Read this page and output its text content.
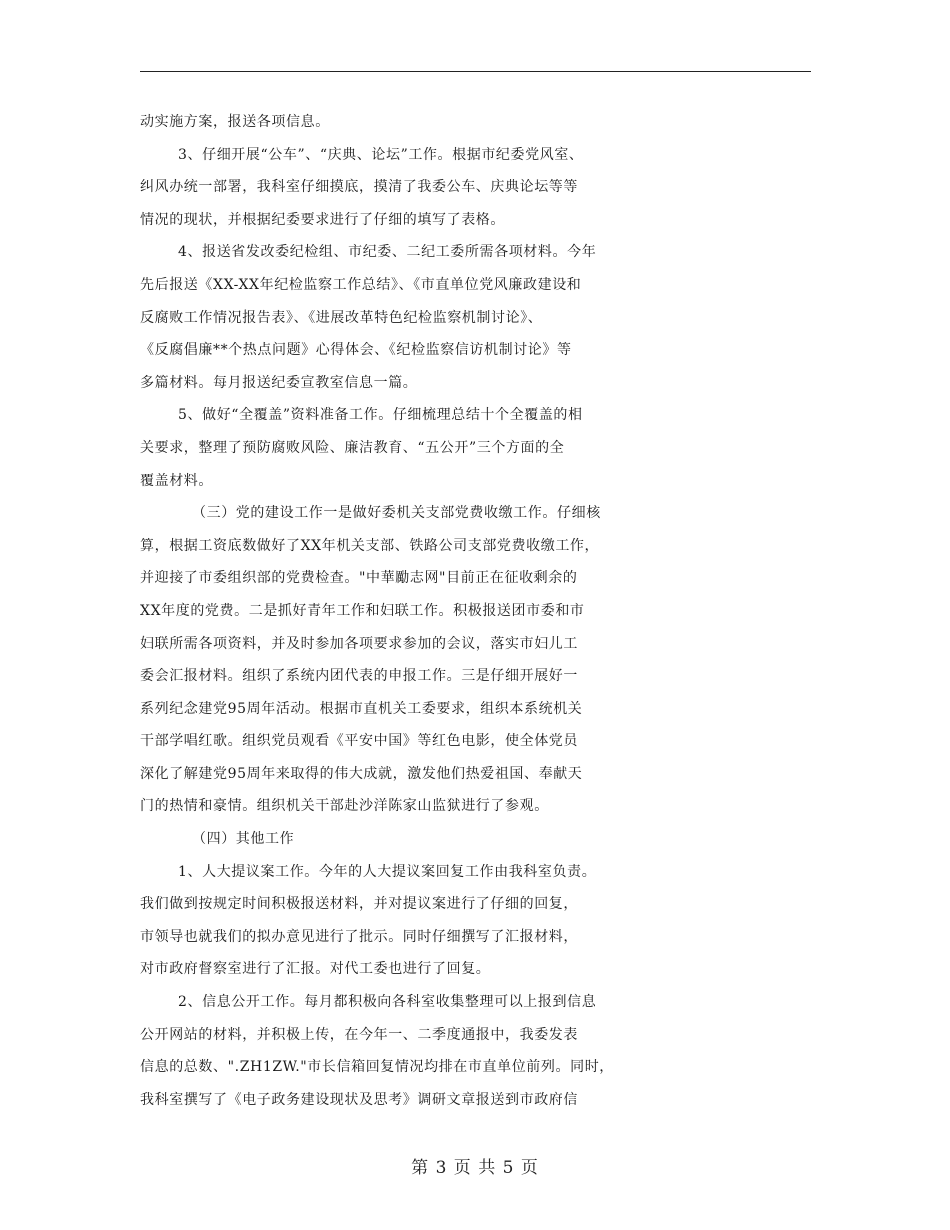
动实施方案，报送各项信息。
3、仔细开展“公车”、“庆典、论坛”工作。根据市纪委党风室、
纠风办统一部署，我科室仔细摸底，摸清了我委公车、庆典论坛等等
情况的现状，并根据纪委要求进行了仔细的填写了表格。
4、报送省发改委纪检组、市纪委、二纪工委所需各项材料。今年
先后报送《XX-XX年纪检监察工作总结》、《市直单位党风廉政建设和
反腐败工作情况报告表》、《进展改革特色纪检监察机制讨论》、
《反腐倡廉**个热点问题》心得体会、《纪检监察信访机制讨论》等
多篇材料。每月报送纪委宣教室信息一篇。
5、做好“全覆盖”资料准备工作。仔细梳理总结十个全覆盖的相
关要求，整理了预防腐败风险、廉洁教育、“五公开”三个方面的全
覆盖材料。
（三）党的建设工作一是做好委机关支部党费收缴工作。仔细核
算，根据工资底数做好了XX年机关支部、铁路公司支部党费收缴工作，
并迎接了市委组织部的党费检查。"中華勵志网"目前正在征收剩余的
XX年度的党费。二是抓好青年工作和妇联工作。积极报送团市委和市
妇联所需各项资料，并及时参加各项要求参加的会议，落实市妇儿工
委会汇报材料。组织了系统内团代表的申报工作。三是仔细开展好一
系列纪念建党95周年活动。根据市直机关工委要求，组织本系统机关
干部学唱红歌。组织党员观看《平安中国》等红色电影，使全体党员
深化了解建党95周年来取得的伟大成就，激发他们热爱祖国、奉献天
门的热情和豪情。组织机关干部赴沙洋陈家山监狱进行了参观。
（四）其他工作
1、人大提议案工作。今年的人大提议案回复工作由我科室负责。
我们做到按规定时间积极报送材料，并对提议案进行了仔细的回复，
市领导也就我们的拟办意见进行了批示。同时仔细撰写了汇报材料，
对市政府督察室进行了汇报。对代工委也进行了回复。
2、信息公开工作。每月都积极向各科室收集整理可以上报到信息
公开网站的材料，并积极上传，在今年一、二季度通报中，我委发表
信息的总数、".ZH1ZW."市长信箱回复情况均排在市直单位前列。同时，
我科室撰写了《电子政务建设现状及思考》调研文章报送到市政府信
第 3 页 共 5 页
